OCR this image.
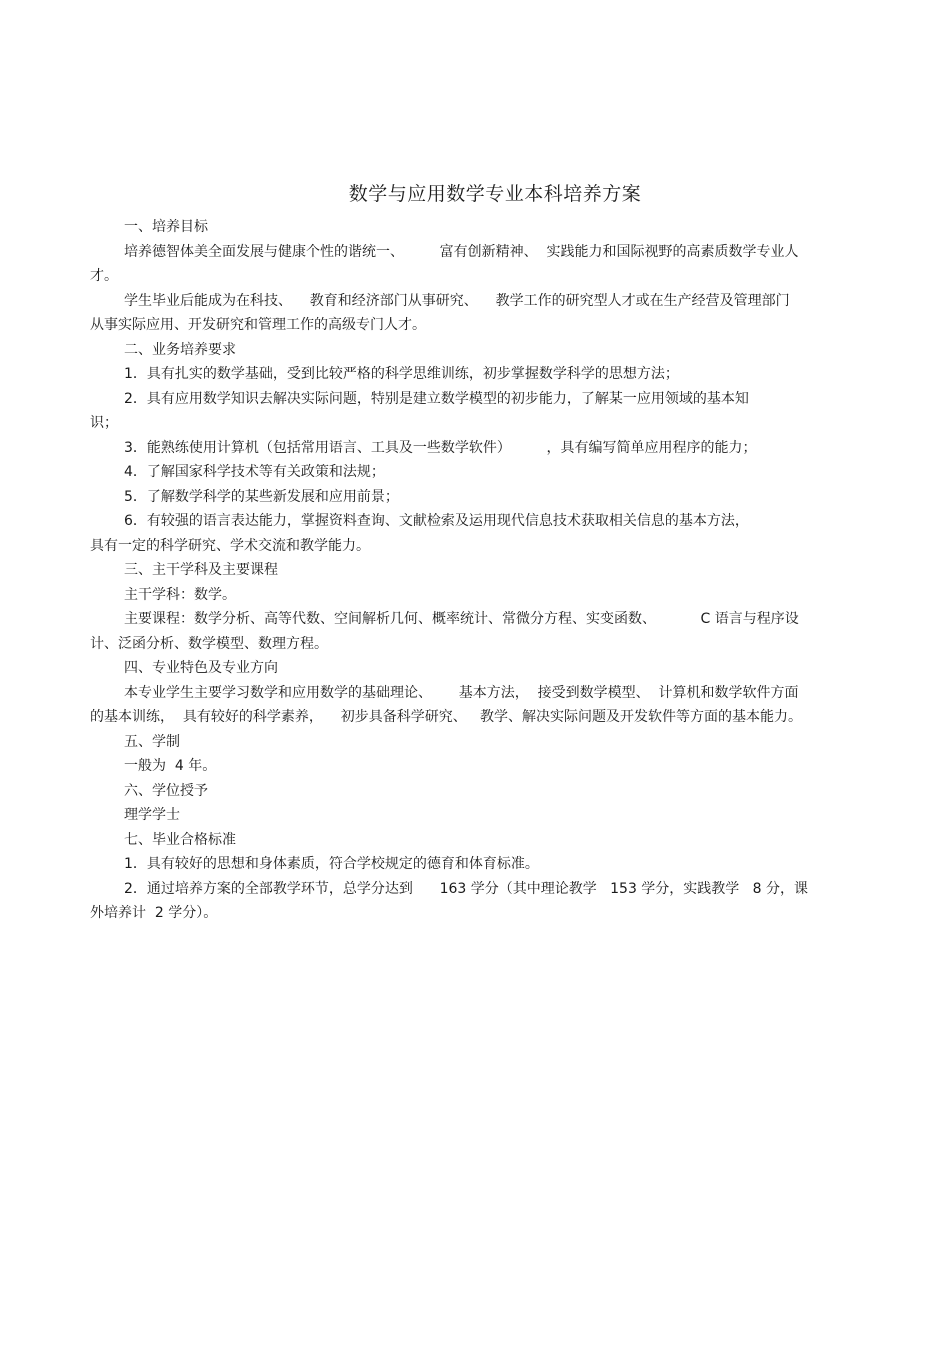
数学与应用数学专业本科培养方案
一、培养目标
培养德智体美全面发展与健康个性的谐统一、        富有创新精神、  实践能力和国际视野的高素质数学专业人
才。
学生毕业后能成为在科技、    教育和经济部门从事研究、    教学工作的研究型人才或在生产经营及管理部门
从事实际应用、开发研究和管理工作的高级专门人才。
二、业务培养要求
1．具有扎实的数学基础，受到比较严格的科学思维训练，初步掌握数学科学的思想方法；
2．具有应用数学知识去解决实际问题，特别是建立数学模型的初步能力，了解某一应用领域的基本知
识；
3．能熟练使用计算机（包括常用语言、工具及一些数学软件）        ，具有编写简单应用程序的能力；
4．了解国家科学技术等有关政策和法规；
5．了解数学科学的某些新发展和应用前景；
6．有较强的语言表达能力，掌握资料查询、文献检索及运用现代信息技术获取相关信息的基本方法，
具有一定的科学研究、学术交流和教学能力。
三、主干学科及主要课程
主干学科：数学。
主要课程：数学分析、高等代数、空间解析几何、概率统计、常微分方程、实变函数、          C 语言与程序设
计、泛函分析、数学模型、数理方程。
四、专业特色及专业方向
本专业学生主要学习数学和应用数学的基础理论、      基本方法，  接受到数学模型、  计算机和数学软件方面
的基本训练，  具有较好的科学素养，    初步具备科学研究、   教学、解决实际问题及开发软件等方面的基本能力。
五、学制
一般为  4 年。
六、学位授予
理学学士
七、毕业合格标准
1．具有较好的思想和身体素质，符合学校规定的德育和体育标准。
2．通过培养方案的全部教学环节，总学分达到      163 学分（其中理论教学   153 学分，实践教学   8 分，课
外培养计  2 学分）。
